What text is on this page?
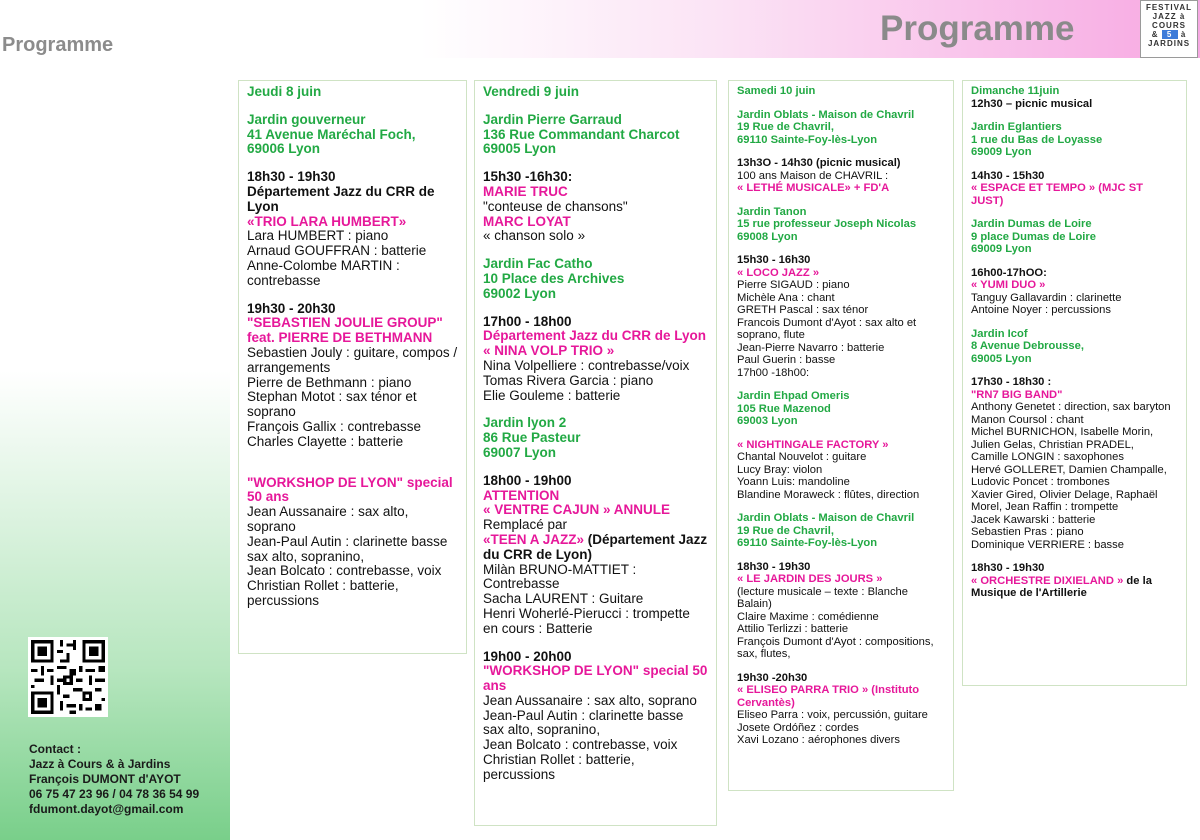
Programme	Programme
FESTIVAL
JAZZ à
COURS
&  5  à
JARDINS
Contact :
Jazz à Cours & à Jardins
François DUMONT d'AYOT
06 75 47 23 96 / 04 78 36 54 99
fdumont.dayot@gmail.com
Jeudi 8 juin
Jardin gouverneur
41 Avenue Maréchal Foch,
69006 Lyon
18h30 - 19h30
Département Jazz du CRR de Lyon
«TRIO LARA HUMBERT»
Lara HUMBERT : piano
Arnaud GOUFFRAN : batterie
Anne-Colombe MARTIN : contrebasse
19h30 - 20h30
"SEBASTIEN JOULIE GROUP" feat. PIERRE DE BETHMANN
Sebastien Jouly : guitare, compos / arrangements
Pierre de Bethmann : piano
Stephan Motot : sax ténor et soprano
François Gallix : contrebasse
Charles Clayette : batterie
"WORKSHOP DE LYON" special 50 ans
Jean Aussanaire : sax alto, soprano
Jean-Paul Autin : clarinette basse sax alto, sopranino,
Jean Bolcato : contrebasse, voix
Christian Rollet : batterie, percussions
Vendredi 9 juin
Jardin Pierre Garraud
136 Rue Commandant Charcot
69005 Lyon
15h30 -16h30:
MARIE TRUC
"conteuse de chansons"
MARC LOYAT
« chanson solo »
Jardin Fac Catho
10 Place des Archives
69002 Lyon
17h00 - 18h00
Département Jazz du CRR de Lyon
« NINA VOLP TRIO »
Nina Volpelliere : contrebasse/voix
Tomas Rivera Garcia : piano
Elie Gouleme : batterie
Jardin lyon 2
86 Rue Pasteur
69007 Lyon
18h00 - 19h00
ATTENTION
« VENTRE CAJUN » ANNULE
Remplacé par
«TEEN A JAZZ» (Département Jazz du CRR de Lyon)
Milàn BRUNO-MATTIET : Contrebasse
Sacha LAURENT : Guitare
Henri Woherlé-Pierucci : trompette en cours : Batterie
19h00 - 20h00
"WORKSHOP DE LYON" special 50 ans
Jean Aussanaire : sax alto, soprano
Jean-Paul Autin : clarinette basse sax alto, sopranino,
Jean Bolcato : contrebasse, voix
Christian Rollet : batterie, percussions
Samedi 10 juin
Jardin Oblats - Maison de Chavril
19 Rue de Chavril,
69110 Sainte-Foy-lès-Lyon
13h3O - 14h30 (picnic musical)
100 ans Maison de CHAVRIL :
« LETHÉ MUSICALE» + FD'A
Jardin Tanon
15 rue professeur Joseph Nicolas
69008 Lyon
15h30 - 16h30
« LOCO JAZZ »
Pierre SIGAUD : piano
Michèle Ana : chant
GRETH Pascal : sax ténor
Francois Dumont d'Ayot : sax alto et soprano, flute
Jean-Pierre Navarro : batterie
Paul Guerin : basse
17h00 -18h00:
Jardin Ehpad Omeris
105 Rue Mazenod
69003 Lyon
« NIGHTINGALE FACTORY »
Chantal Nouvelot : guitare
Lucy Bray: violon
Yoann Luis: mandoline
Blandine Moraweck : flûtes, direction
Jardin Oblats - Maison de Chavril
19 Rue de Chavril,
69110 Sainte-Foy-lès-Lyon
18h30 - 19h30
« LE JARDIN DES JOURS »
(lecture musicale – texte : Blanche Balain)
Claire Maxime : comédienne
Attilio Terlizzi : batterie
François Dumont d'Ayot : compositions, sax, flutes,
19h30 -20h30
« ELISEO PARRA TRIO » (Instituto Cervantès)
Eliseo Parra : voix, percussión, guitare
Josete Ordóñez : cordes
Xavi Lozano : aérophones divers
Dimanche 11juin
12h30 – picnic musical
Jardin Eglantiers
1 rue du Bas de Loyasse
69009 Lyon
14h30 - 15h30
« ESPACE ET TEMPO » (MJC ST JUST)
Jardin Dumas de Loire
9 place Dumas de Loire
69009 Lyon
16h00-17hOO:
« YUMI DUO »
Tanguy Gallavardin : clarinette
Antoine Noyer : percussions
Jardin Icof
8 Avenue Debrousse,
69005 Lyon
17h30 - 18h30 :
"RN7 BIG BAND"
Anthony Genetet : direction, sax baryton
Manon Coursol : chant
Michel BURNICHON, Isabelle Morin, Julien Gelas, Christian PRADEL,
Camille LONGIN : saxophones
Hervé GOLLERET, Damien Champalle, Ludovic Poncet : trombones
Xavier Gired, Olivier Delage, Raphaël Morel, Jean Raffin : trompette
Jacek Kawarski : batterie
Sebastien Pras : piano
Dominique VERRIERE : basse
18h30 - 19h30
« ORCHESTRE DIXIELAND » de la Musique de l'Artillerie
